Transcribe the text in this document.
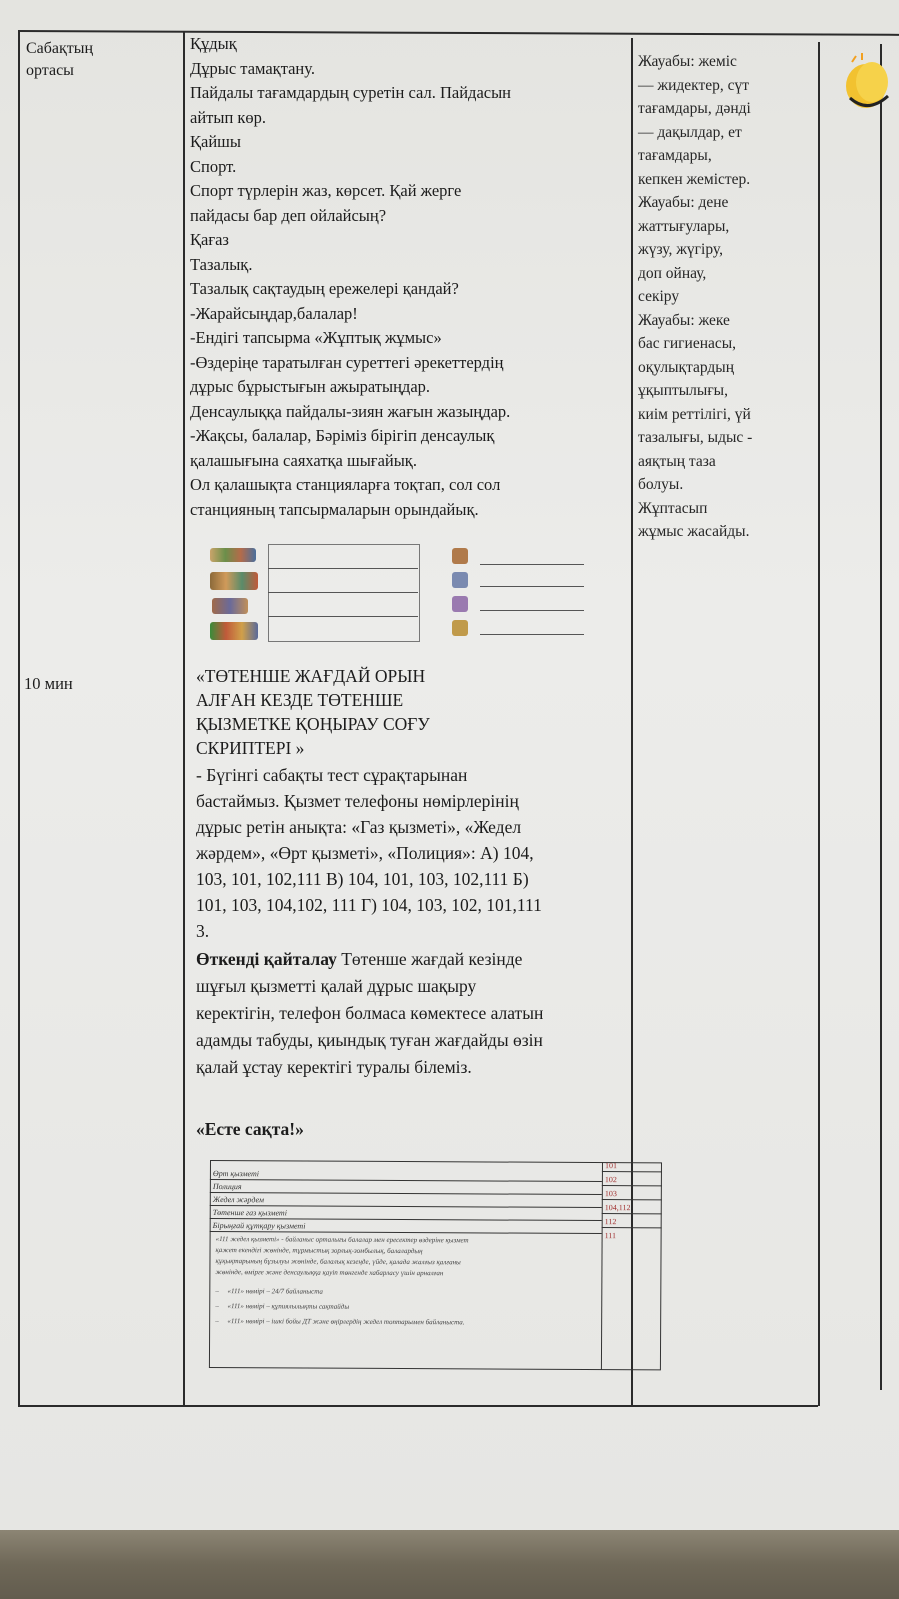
Сабақтың
ортасы
10 мин
Құдық
Дұрыс тамақтану.
Пайдалы тағамдардың суретін сал. Пайдасын
айтып көр.
Қайшы
Спорт.
Спорт түрлерін жаз, көрсет. Қай жерге
пайдасы бар деп ойлайсың?
Қағаз
Тазалық.
Тазалық сақтаудың ережелері қандай?
-Жарайсыңдар,балалар!
-Ендігі тапсырма «Жұптық жұмыс»
-Өздеріңе таратылған суреттегі әрекеттердің
дұрыс бұрыстығын ажыратыңдар.
Денсаулыққа пайдалы-зиян жағын жазыңдар.
-Жақсы, балалар, Бәріміз бірігіп денсаулық
қалашығына саяхатқа шығайық.
Ол қалашықта станцияларға тоқтап, сол сол
станцияның тапсырмаларын орындайық.
Жауабы: жеміс
— жидектер, сүт
тағамдары, дәнді
— дақылдар, ет
тағамдары,
кепкен жемістер.
Жауабы: дене
жаттығулары,
жүзу, жүгіру,
доп ойнау,
секіру
Жауабы: жеке
бас гигиенасы,
оқулықтардың
ұқыптылығы,
киім реттілігі, үй
тазалығы, ыдыс -
аяқтың таза
болуы.
Жұптасып
жұмыс жасайды.
«ТӨТЕНШЕ ЖАҒДАЙ ОРЫН
АЛҒАН КЕЗДЕ ТӨТЕНШЕ
ҚЫЗМЕТКЕ ҚОҢЫРАУ СОҒУ
СКРИПТЕРІ »
- Бүгінгі сабақты тест сұрақтарынан
бастаймыз. Қызмет телефоны нөмірлерінің
дұрыс ретін анықта: «Газ қызметі», «Жедел
жәрдем», «Өрт қызметі», «Полиция»: А) 104,
103, 101, 102,111 В) 104, 101, 103, 102,111 Б)
101, 103, 104,102, 111 Г) 104, 103, 102, 101,111
3.
Өткенді қайталау Төтенше жағдай кезінде
шұғыл қызметті қалай дұрыс шақыру
керектігін, телефон болмаса көмектесе алатын
адамды табуды, қиындық туған жағдайды өзін
қалай ұстау керектігі туралы білеміз.
«Есте сақта!»
Өрт қызметі
101
Полиция
102
Жедел жәрдем
103
Төтенше газ қызметі
104,112
Бірыңғай құтқару қызметі	112
111
«111 жедел қызметі» - байланыс орталығы балалар мен ересектер өздеріне қызмет
қажет екендігі жөнінде, тұрмыстық зорлық-зомбылық, балалардың
құқықтарының бұзылуы жөнінде, балалық кезеңде, үйде, қалада жалғыз қалғаны
жөнінде, өмірге және денсаулыққа қауіп төнгенде хабарласу үшін арналған
–     «111» нөмірі – 24/7 байланыста
–     «111» нөмірі – құпиялылықты сақтайды
–     «111» нөмірі – ішкі бойы ДТ және өңірлердің жедел топтарымен байланыста.
